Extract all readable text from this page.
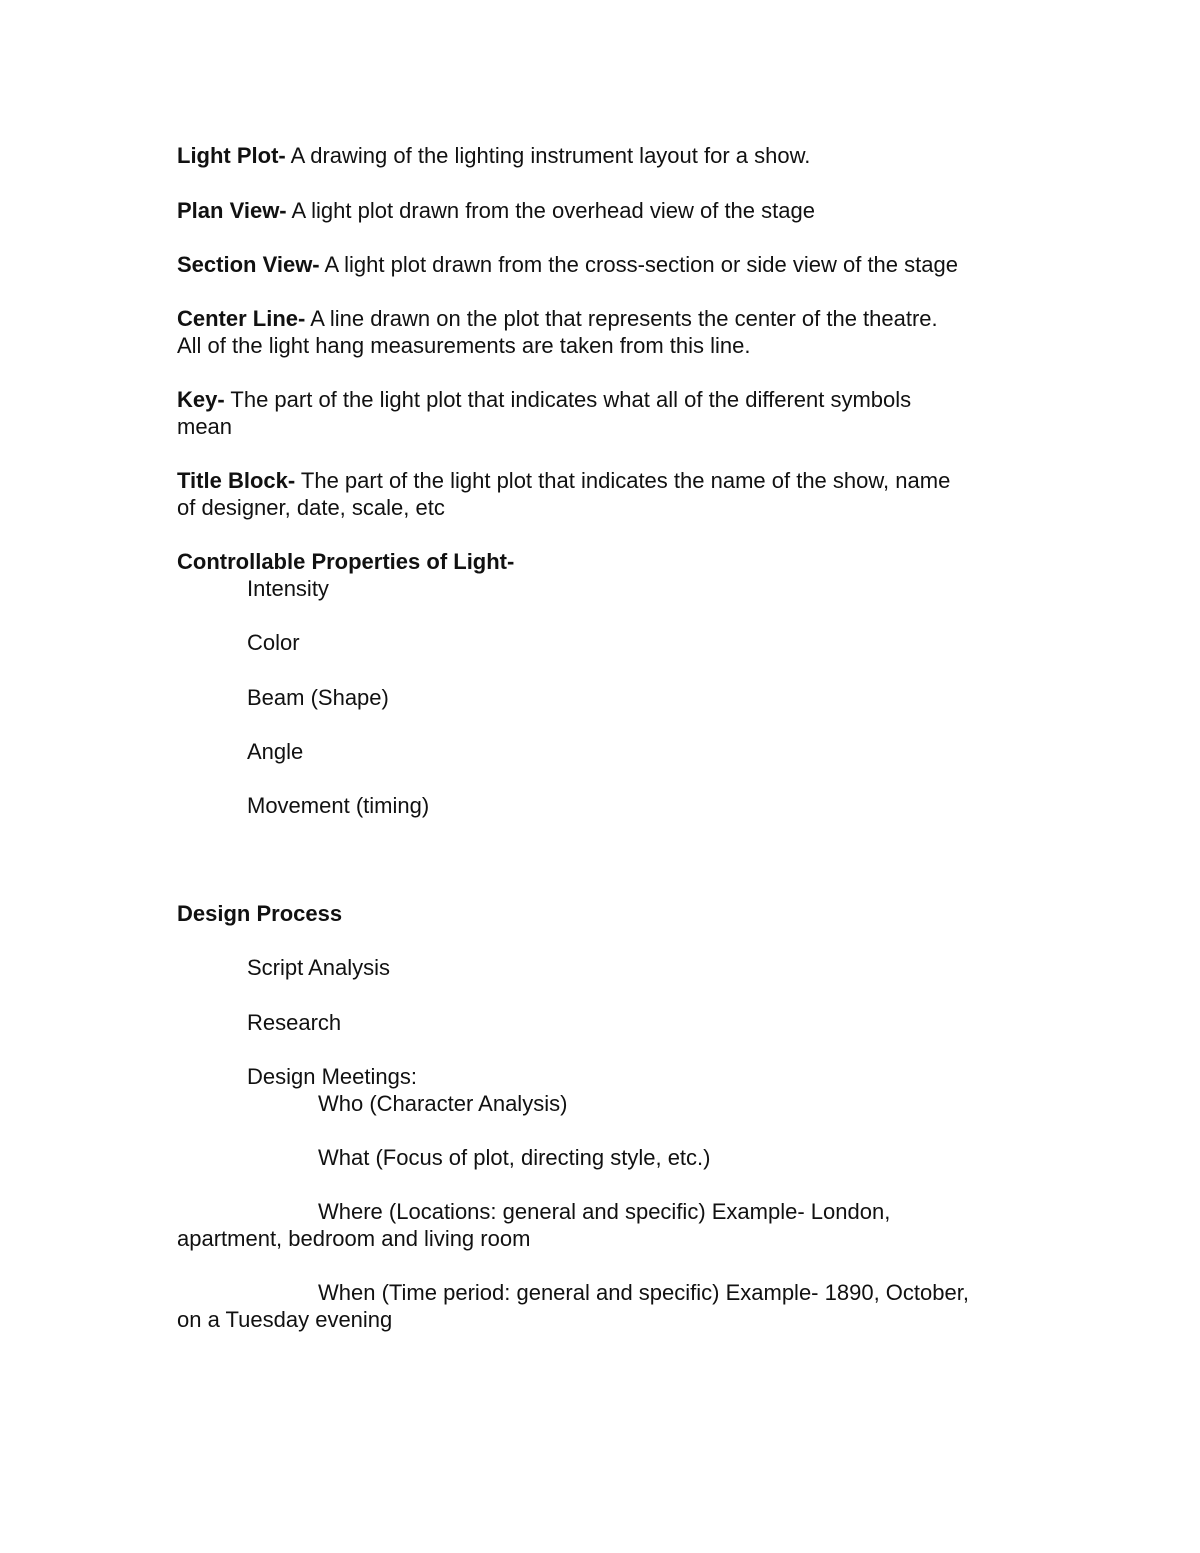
Light Plot- A drawing of the lighting instrument layout for a show.
Plan View- A light plot drawn from the overhead view of the stage
Section View- A light plot drawn from the cross-section or side view of the stage
Center Line- A line drawn on the plot that represents the center of the theatre.
All of the light hang measurements are taken from this line.
Key- The part of the light plot that indicates what all of the different symbols
mean
Title Block- The part of the light plot that indicates the name of the show, name
of designer, date, scale, etc
Controllable Properties of Light-
Intensity
Color
Beam (Shape)
Angle
Movement (timing)
Design Process
Script Analysis
Research
Design Meetings:
Who (Character Analysis)
What (Focus of plot, directing style, etc.)
Where (Locations: general and specific) Example- London,
apartment, bedroom and living room
When (Time period: general and specific) Example- 1890, October,
on a Tuesday evening
